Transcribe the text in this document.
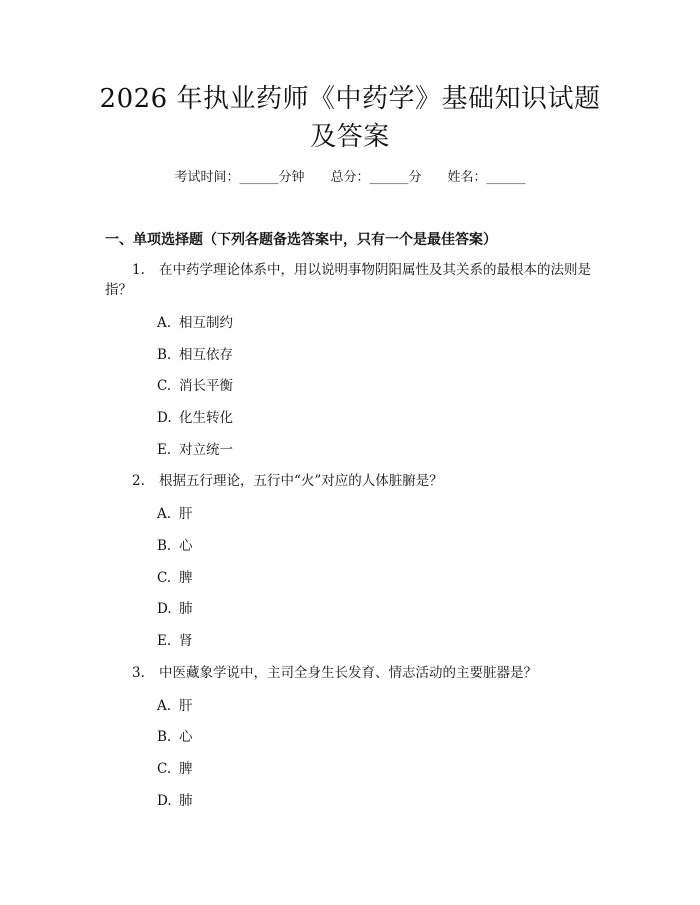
2026 年执业药师《中药学》基础知识试题及答案
考试时间：______分钟 总分：______分 姓名：______
一、单项选择题（下列各题备选答案中，只有一个是最佳答案）

1. 在中药学理论体系中，用以说明事物阴阳属性及其关系的最根本的法则是指？

A. 相互制约
B. 相互依存
C. 消长平衡
D. 化生转化
E. 对立统一

2. 根据五行理论，五行中“火”对应的人体脏腑是？

A. 肝
B. 心
C. 脾
D. 肺
E. 肾

3. 中医藏象学说中，主司全身生长发育、情志活动的主要脏器是？

A. 肝
B. 心
C. 脾
D. 肺
